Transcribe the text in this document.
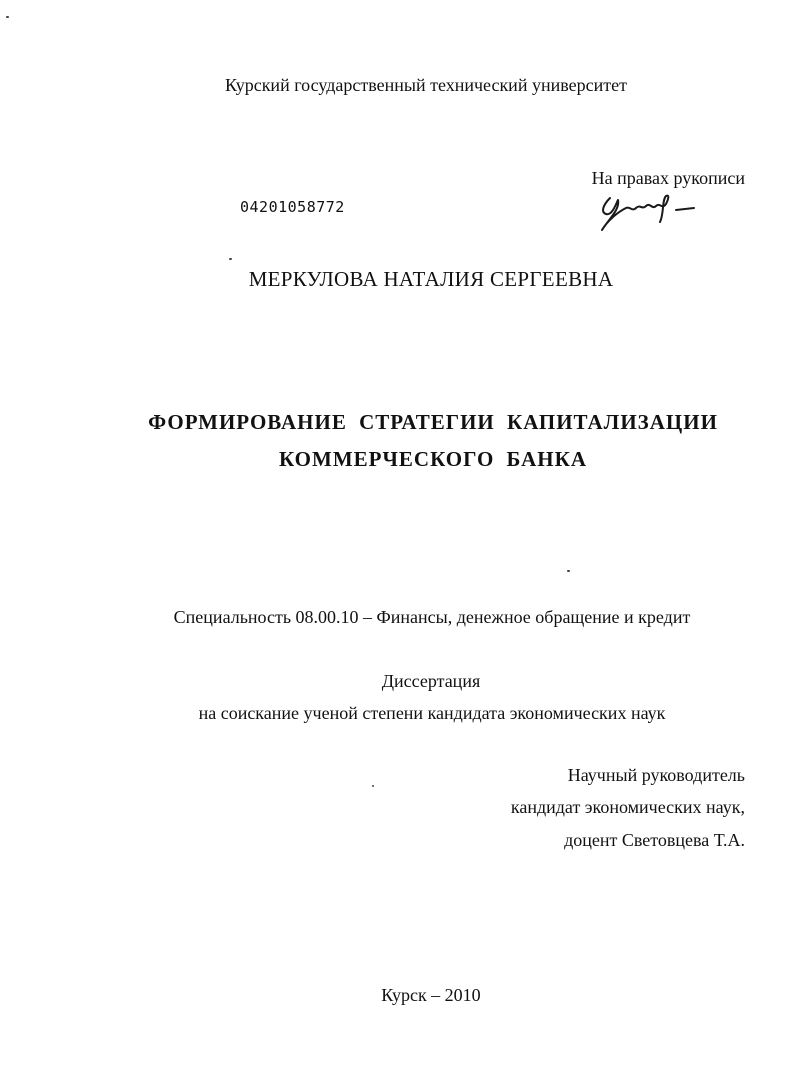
Курский государственный технический университет
На правах рукописи
04201058772
МЕРКУЛОВА НАТАЛИЯ СЕРГЕЕВНА
ФОРМИРОВАНИЕ СТРАТЕГИИ КАПИТАЛИЗАЦИИ
КОММЕРЧЕСКОГО БАНКА
Специальность 08.00.10 – Финансы, денежное обращение и кредит
Диссертация
на соискание ученой степени кандидата экономических наук
Научный руководитель
кандидат экономических наук,
доцент Световцева Т.А.
Курск – 2010
